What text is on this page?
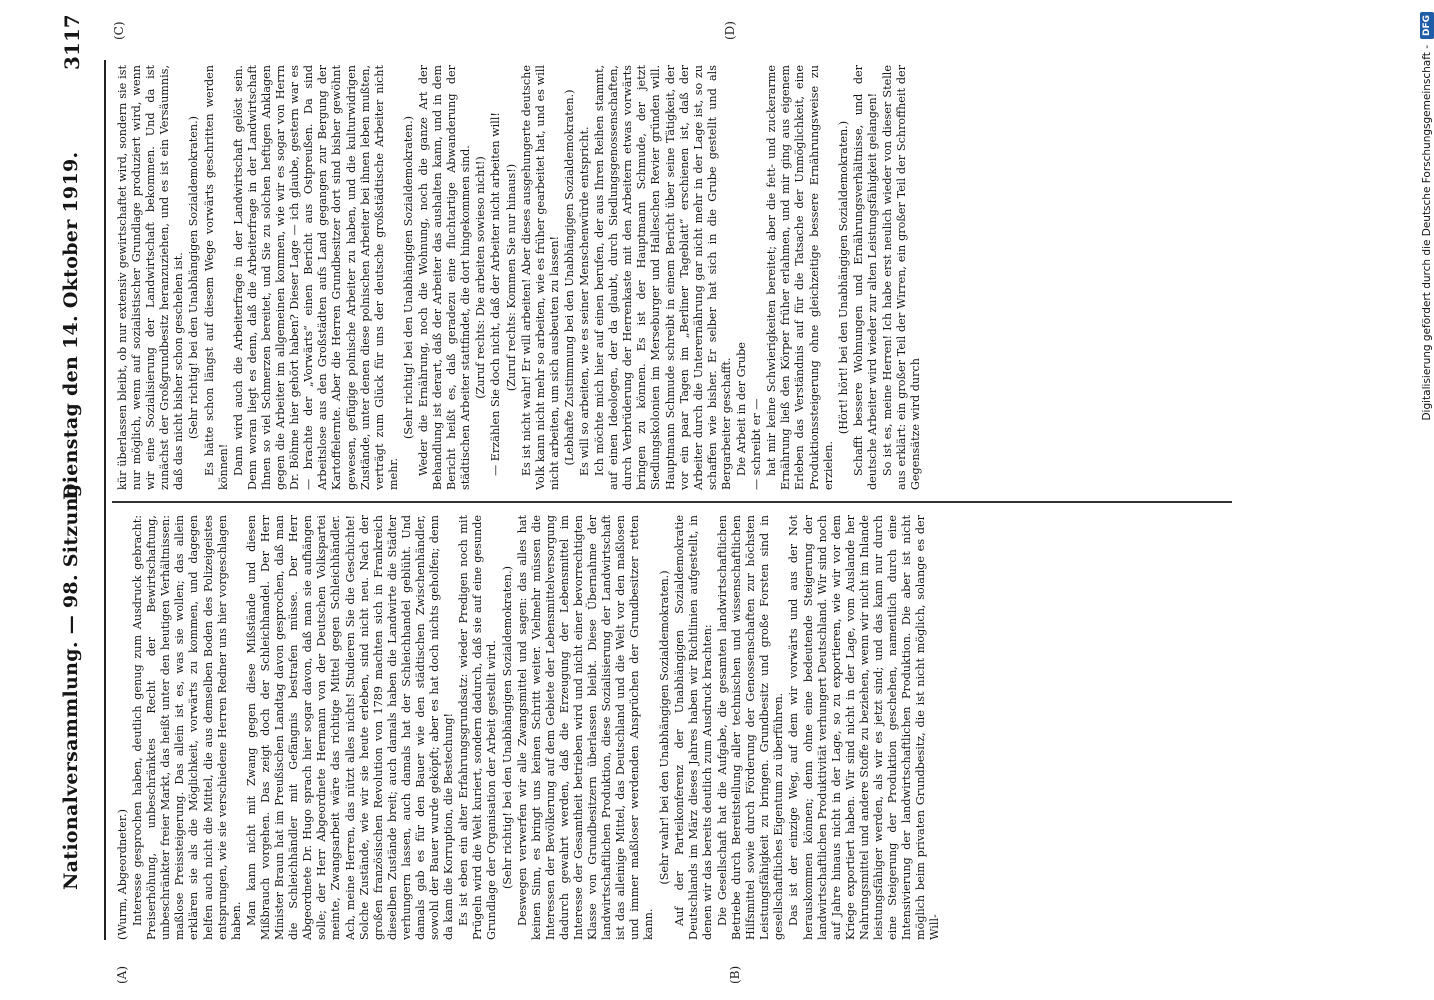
Nationalversammlung. — 98. Sitzung.
Dienstag den 14. Oktober 1919.
3117
(A)	(B)
(C)	(D)

(Wurm, Abgeordneter.) Interesse gesprochen haben, deutlich genug zum Ausdruck gebracht: Preiserhöhung, unbeschränktes Recht der Bewirtschaftung, unbeschränkter freier Markt, das heißt unter den heutigen Verhältnissen: maßlose Preissteigerung. Das allein ist es, was sie wollen; das allein erklären sie als die Möglichkeit, vorwärts zu kommen, und dagegen helfen auch nicht die Mittel, die aus demselben Boden des Polizeigeistes entsprungen, wie sie verschiedene Herren Redner uns hier vorgeschlagen haben. Man kann nicht mit Zwang gegen diese Mißstände und diesen Mißbrauch vorgehen. Das zeigt doch der Schleichhandel. Der Herr Minister Braun hat im Preußischen Landtag davon gesprochen, daß man die Schleichhändler mit Gefängnis bestrafen müsse. Der Herr Abgeordnete Dr. Hugo sprach hier sogar davon, daß man sie aufhängen solle; der Herr Abgeordnete Hermann von der Deutschen Volkspartei meinte, Zwangsarbeit wäre das richtige Mittel gegen Schleichhändler. Ach, meine Herren, das nützt alles nichts! Studieren Sie die Geschichte! Solche Zustände, wie wir sie heute erleben, sind nicht neu. Nach der großen französischen Revolution von 1789 machten sich in Frankreich dieselben Zustände breit; auch damals haben die Landwirte die Städter verhungern lassen, auch damals hat der Schleichhandel geblüht. Und damals gab es für den Bauer wie den städtischen Zwischenhändler, sowohl der Bauer wurde geköpft; aber es hat doch nichts geholfen; denn da kam die Korruption, die Bestechung! Es ist eben ein alter Erfahrungsgrundsatz: wieder Predigen noch mit Prügeln wird die Welt kuriert, sondern dadurch, daß sie auf eine gesunde Grundlage der Organisation der Arbeit gestellt wird. (Sehr richtig! bei den Unabhängigen Sozialdemokraten.) Deswegen verwerfen wir alle Zwangsmittel und sagen: das alles hat keinen Sinn, es bringt uns keinen Schritt weiter. Vielmehr müssen die Interessen der Bevölkerung auf dem Gebiete der Lebensmittelversorgung dadurch gewahrt werden, daß die Erzeugung der Lebensmittel im Interesse der Gesamtheit betrieben wird und nicht einer bevorrechtigten Klasse von Grundbesitzern überlassen bleibt. Diese Übernahme der landwirtschaftlichen Produktion, diese Sozialisierung der Landwirtschaft ist das alleinige Mittel, das Deutschland und die Welt vor den maßlosen und immer maßloser werdenden Ansprüchen der Grundbesitzer retten kann.

(Sehr wahr! bei den Unabhängigen Sozialdemokraten.) Auf der Parteikonferenz der Unabhängigen Sozialdemokratie Deutschlands im März dieses Jahres haben wir Richtlinien aufgestellt, in denen wir das bereits deutlich zum Ausdruck brachten: Die Gesellschaft hat die Aufgabe, die gesamten landwirtschaftlichen Betriebe durch Bereitstellung aller technischen und wissenschaftlichen Hilfsmittel sowie durch Förderung der Genossenschaften zur höchsten Leistungsfähigkeit zu bringen. Grundbesitz und große Forsten sind in gesellschaftliches Eigentum zu überführen. Das ist der einzige Weg, auf dem wir vorwärts und aus der Not herauskommen können; denn ohne eine bedeutende Steigerung der landwirtschaftlichen Produktivität verhungert Deutschland. Wir sind noch auf Jahre hinaus nicht in der Lage, so zu exportieren, wie wir vor dem Kriege exportiert haben. Wir sind nicht in der Lage, vom Auslande her Nahrungsmittel und andere Stoffe zu beziehen, wenn wir nicht im Inlande leistungsfähiger werden, als wir es jetzt sind; und das kann nur durch eine Steigerung der Produktion geschehen, namentlich durch eine Intensivierung der landwirtschaftlichen Produktion. Die aber ist nicht möglich beim privaten Grundbesitz, die ist nicht möglich, solange es der Will-

kür überlassen bleibt, ob nur extensiv gewirtschaftet wird, sondern sie ist nur möglich, wenn auf sozialistischer Grundlage produziert wird, wenn wir eine Sozialisierung der Landwirtschaft bekommen. Und da ist zunächst der Großgrundbesitz heranzuziehen, und es ist ein Versäumnis, daß das nicht bisher schon geschehen ist. (Sehr richtig! bei den Unabhängigen Sozialdemokraten.) Es hätte schon längst auf diesem Wege vorwärts geschritten werden können! Dann wird auch die Arbeiterfrage in der Landwirtschaft gelöst sein. Denn woran liegt es denn, daß die Arbeiterfrage in der Landwirtschaft Ihnen so viel Schmerzen bereitet, und Sie zu solchen heftigen Anklagen gegen die Arbeiter im allgemeinen kommen, wie wir es sogar von Herrn Dr. Böhme hier gehört haben? Dieser Lage — ich glaube, gestern war es — brachte der „Vorwärts“ einen Bericht aus Ostpreußen. Da sind Arbeitslose aus den Großstädten aufs Land gegangen zur Bergung der Kartoffelernte. Aber die Herren Grundbesitzer dort sind bisher gewöhnt gewesen, gefügige polnische Arbeiter zu haben, und die kulturwidrigen Zustände, unter denen diese polnischen Arbeiter bei ihnen leben mußten, verträgt zum Glück für uns der deutsche großstädtische Arbeiter nicht mehr.

(Sehr richtig! bei den Unabhängigen Sozialdemokraten.) Weder die Ernährung, noch die Wohnung, noch die ganze Art der Behandlung ist derart, daß der Arbeiter das aushalten kann, und in dem Bericht heißt es, daß geradezu eine fluchtartige Abwanderung der städtischen Arbeiter stattfindet, die dort hingekommen sind. (Zuruf rechts: Die arbeiten sowieso nicht!) — Erzählen Sie doch nicht, daß der Arbeiter nicht arbeiten will! (Zuruf rechts: Kommen Sie nur hinaus!) Es ist nicht wahr! Er will arbeiten! Aber dieses ausgehungerte deutsche Volk kann nicht mehr so arbeiten, wie es früher gearbeitet hat, und es will nicht arbeiten, um sich ausbeuten zu lassen! (Lebhafte Zustimmung bei den Unabhängigen Sozialdemokraten.) Es will so arbeiten, wie es seiner Menschenwürde entspricht. Ich möchte mich hier auf einen berufen, der aus Ihren Reihen stammt, auf einen Ideologen, der da glaubt, durch Siedlungsgenossenschaften, durch Verbrüderung der Herrenkaste mit den Arbeitern etwas vorwärts bringen zu können. Es ist der Hauptmann Schmude, der jetzt Siedlungskolonien im Merseburger und Halleschen Revier gründen will. Hauptmann Schmude schreibt in einem Bericht über seine Tätigkeit, der vor ein paar Tagen im „Berliner Tageblatt“ erschienen ist, daß der Arbeiter durch die Unterernährung gar nicht mehr in der Lage ist, so zu schaffen wie bisher. Er selber hat sich in die Grube gestellt und als Bergarbeiter geschafft. Die Arbeit in der Grube — schreibt er — hat mir keine Schwierigkeiten bereitet; aber die fett- und zuckerarme Ernährung ließ den Körper früher erlahmen, und mir ging aus eigenem Erleben das Verständnis auf für die Tatsache der Unmöglichkeit, eine Produktionssteigerung ohne gleichzeitige bessere Ernährungsweise zu erzielen.

(Hört! hört! bei den Unabhängigen Sozialdemokraten.) Schafft bessere Wohnungen und Ernährungsverhältnisse, und der deutsche Arbeiter wird wieder zur alten Leistungsfähigkeit gelangen! So ist es, meine Herren! Ich habe erst neulich wieder von dieser Stelle aus erklärt: ein großer Teil der Wirren, ein großer Teil der Schroffheit der Gegensätze wird durch

Digitalisierung gefördert durch die Deutsche Forschungsgemeinschaft -
DFG
